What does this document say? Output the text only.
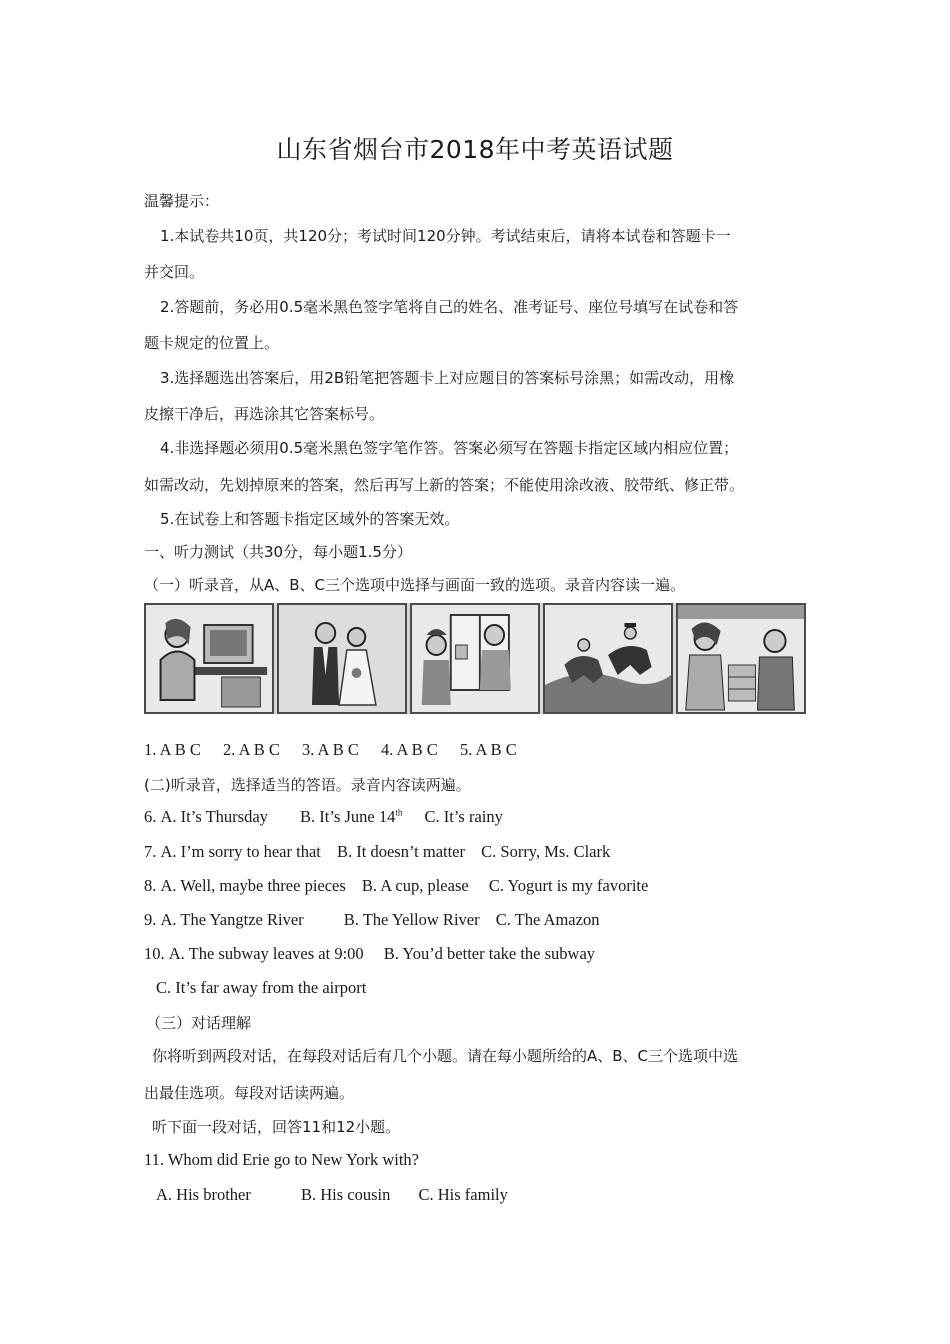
山东省烟台市2018年中考英语试题
温馨提示：
1.本试卷共10页，共120分；考试时间120分钟。考试结束后，请将本试卷和答题卡一
并交回。
2.答题前，务必用0.5毫米黑色签字笔将自己的姓名、准考证号、座位号填写在试卷和答
题卡规定的位置上。
3.选择题选出答案后，用2B铅笔把答题卡上对应题目的答案标号涂黑；如需改动，用橡
皮擦干净后，再选涂其它答案标号。
4.非选择题必须用0.5毫米黑色签字笔作答。答案必须写在答题卡指定区域内相应位置；
如需改动，先划掉原来的答案，然后再写上新的答案；不能使用涂改液、胶带纸、修正带。
5.在试卷上和答题卡指定区域外的答案无效。
一、听力测试（共30分，每小题1.5分）
（一）听录音，从A、B、C三个选项中选择与画面一致的选项。录音内容读一遍。
1. A B C 2. A B C 3. A B C 4. A B C 5. A B C
(二)听录音，选择适当的答语。录音内容读两遍。
6. A. It’s Thursday B. It’s June 14th C. It’s rainy
7. A. I’m sorry to hear that B. It doesn’t matter C. Sorry, Ms. Clark
8. A. Well, maybe three pieces B. A cup, please C. Yogurt is my favorite
9. A. The Yangtze River B. The Yellow River C. The Amazon
10. A. The subway leaves at 9:00 B. You’d better take the subway
C. It’s far away from the airport
（三）对话理解
你将听到两段对话，在每段对话后有几个小题。请在每小题所给的A、B、C三个选项中选
出最佳选项。每段对话读两遍。
听下面一段对话，回答11和12小题。
11. Whom did Erie go to New York with?
A. His brother	B. His cousin C. His family
